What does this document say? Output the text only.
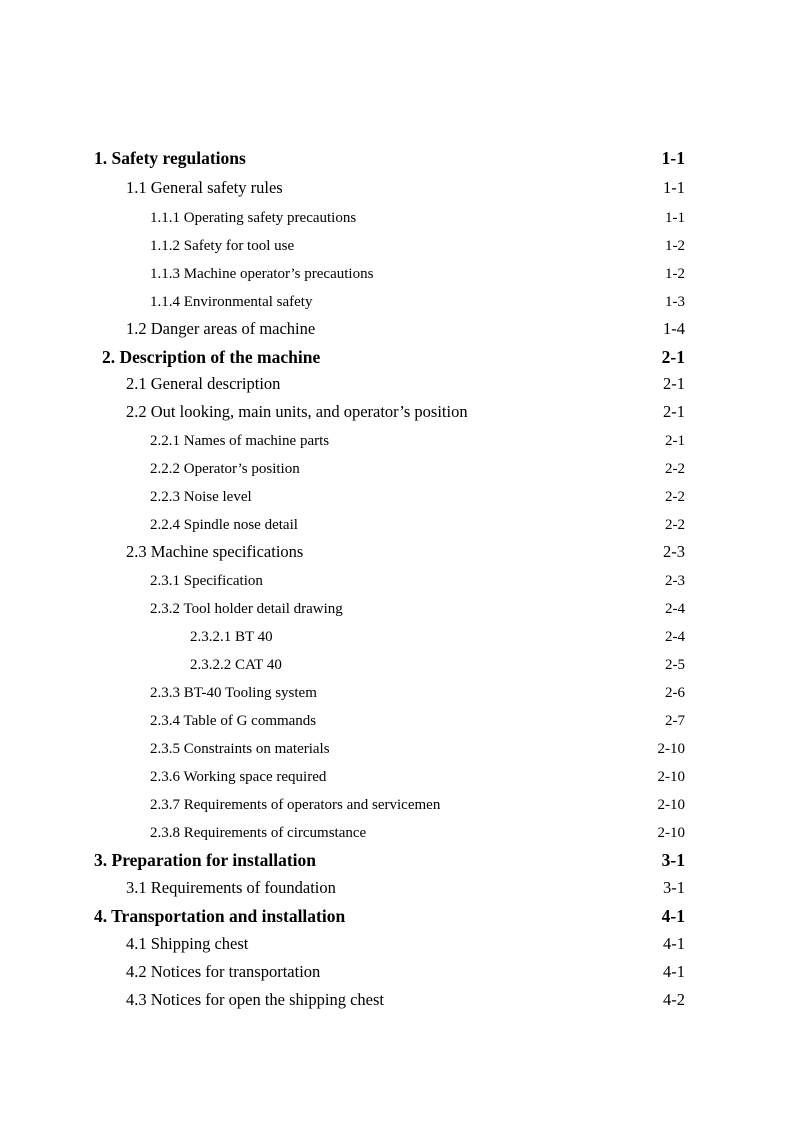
1. Safety regulations	1-1
1.1 General safety rules	1-1
1.1.1 Operating safety precautions	1-1
1.1.2 Safety for tool use	1-2
1.1.3 Machine operator’s precautions	1-2
1.1.4 Environmental safety	1-3
1.2 Danger areas of machine	1-4
2. Description of the machine	2-1
2.1 General description	2-1
2.2 Out looking, main units, and operator’s position	2-1
2.2.1 Names of machine parts	2-1
2.2.2 Operator’s position	2-2
2.2.3 Noise level	2-2
2.2.4 Spindle nose detail	2-2
2.3 Machine specifications	2-3
2.3.1 Specification	2-3
2.3.2 Tool holder detail drawing	2-4
2.3.2.1 BT 40	2-4
2.3.2.2 CAT 40	2-5
2.3.3 BT-40 Tooling system	2-6
2.3.4 Table of G commands	2-7
2.3.5 Constraints on materials	2-10
2.3.6 Working space required	2-10
2.3.7 Requirements of operators and servicemen	2-10
2.3.8 Requirements of circumstance	2-10
3. Preparation for installation	3-1
3.1 Requirements of foundation	3-1
4. Transportation and installation	4-1
4.1 Shipping chest	4-1
4.2 Notices for transportation	4-1
4.3 Notices for open the shipping chest	4-2
